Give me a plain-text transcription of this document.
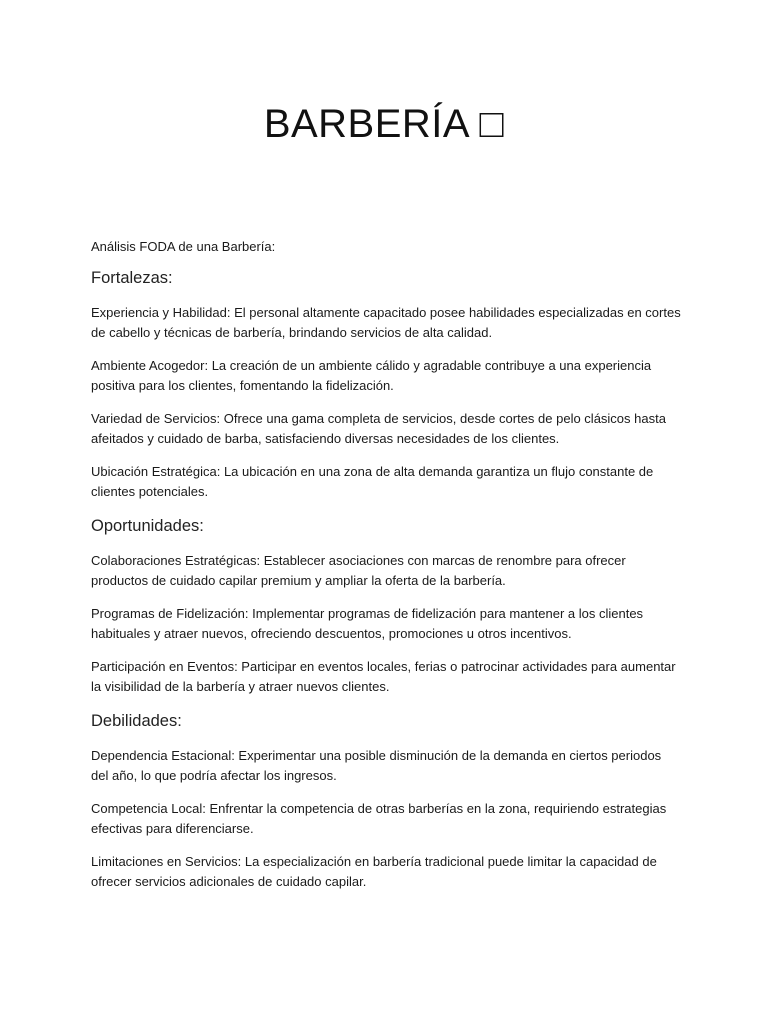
BARBERÍA □

Análisis FODA de una Barbería:

Fortalezas:

Experiencia y Habilidad: El personal altamente capacitado posee habilidades especializadas en cortes de cabello y técnicas de barbería, brindando servicios de alta calidad.

Ambiente Acogedor: La creación de un ambiente cálido y agradable contribuye a una experiencia positiva para los clientes, fomentando la fidelización.

Variedad de Servicios: Ofrece una gama completa de servicios, desde cortes de pelo clásicos hasta afeitados y cuidado de barba, satisfaciendo diversas necesidades de los clientes.

Ubicación Estratégica: La ubicación en una zona de alta demanda garantiza un flujo constante de clientes potenciales.

Oportunidades:

Colaboraciones Estratégicas: Establecer asociaciones con marcas de renombre para ofrecer productos de cuidado capilar premium y ampliar la oferta de la barbería.

Programas de Fidelización: Implementar programas de fidelización para mantener a los clientes habituales y atraer nuevos, ofreciendo descuentos, promociones u otros incentivos.

Participación en Eventos: Participar en eventos locales, ferias o patrocinar actividades para aumentar la visibilidad de la barbería y atraer nuevos clientes.

Debilidades:

Dependencia Estacional: Experimentar una posible disminución de la demanda en ciertos periodos del año, lo que podría afectar los ingresos.

Competencia Local: Enfrentar la competencia de otras barberías en la zona, requiriendo estrategias efectivas para diferenciarse.

Limitaciones en Servicios: La especialización en barbería tradicional puede limitar la capacidad de ofrecer servicios adicionales de cuidado capilar.
